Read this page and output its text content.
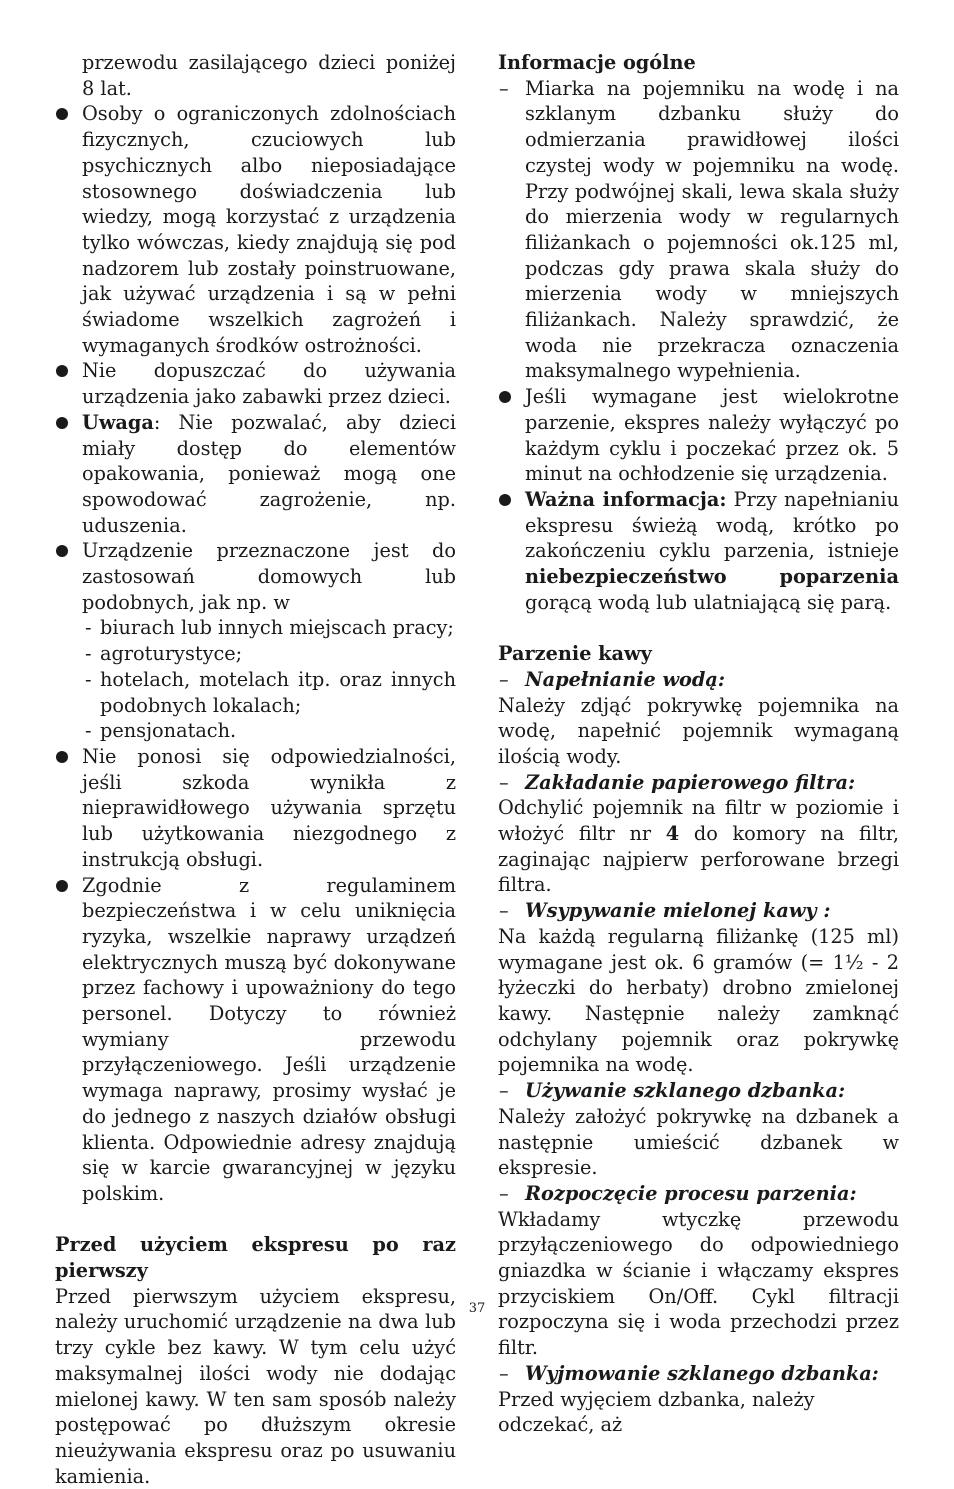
przewodu zasilającego dzieci poniżej 8 lat.

Osoby o ograniczonych zdolnościach fizycznych, czuciowych lub psychicznych albo nieposiadające stosownego doświadczenia lub wiedzy, mogą korzystać z urządzenia tylko wówczas, kiedy znajdują się pod nadzorem lub zostały poinstruowane, jak używać urządzenia i są w pełni świadome wszelkich zagrożeń i wymaganych środków ostrożności.
Nie dopuszczać do używania urządzenia jako zabawki przez dzieci.
Uwaga: Nie pozwalać, aby dzieci miały dostęp do elementów opakowania, ponieważ mogą one spowodować zagrożenie, np. uduszenia.
Urządzenie przeznaczone jest do zastosowań domowych lub podobnych, jak np. w
- biurach lub innych miejscach pracy;
- agroturystyce;
- hotelach, motelach itp. oraz innych podobnych lokalach;
- pensjonatach.
Nie ponosi się odpowiedzialności, jeśli szkoda wynikła z nieprawidłowego używania sprzętu lub użytkowania niezgodnego z instrukcją obsługi.
Zgodnie z regulaminem bezpieczeństwa i w celu uniknięcia ryzyka, wszelkie naprawy urządzeń elektrycznych muszą być dokonywane przez fachowy i upoważniony do tego personel. Dotyczy to również wymiany przewodu przyłączeniowego. Jeśli urządzenie wymaga naprawy, prosimy wysłać je do jednego z naszych działów obsługi klienta. Odpowiednie adresy znajdują się w karcie gwarancyjnej w języku polskim.

Przed użyciem ekspresu po raz pierwszy

Przed pierwszym użyciem ekspresu, należy uruchomić urządzenie na dwa lub trzy cykle bez kawy. W tym celu użyć maksymalnej ilości wody nie dodając mielonej kawy. W ten sam sposób należy postępować po dłuższym okresie nieużywania ekspresu oraz po usuwaniu kamienia.

Informacje ogólne

– Miarka na pojemniku na wodę i na szklanym dzbanku służy do odmierzania prawidłowej ilości czystej wody w pojemniku na wodę. Przy podwójnej skali, lewa skala służy do mierzenia wody w regularnych filiżankach o pojemności ok.125 ml, podczas gdy prawa skala służy do mierzenia wody w mniejszych filiżankach. Należy sprawdzić, że woda nie przekracza oznaczenia maksymalnego wypełnienia.
Jeśli wymagane jest wielokrotne parzenie, ekspres należy wyłączyć po każdym cyklu i poczekać przez ok. 5 minut na ochłodzenie się urządzenia.
Ważna informacja: Przy napełnianiu ekspresu świeżą wodą, krótko po zakończeniu cyklu parzenia, istnieje niebezpieczeństwo poparzenia gorącą wodą lub ulatniającą się parą.

Parzenie kawy

– Napełnianie wodą:

Należy zdjąć pokrywkę pojemnika na wodę, napełnić pojemnik wymaganą ilością wody.

– Zakładanie papierowego filtra:

Odchylić pojemnik na filtr w poziomie i włożyć filtr nr 4 do komory na filtr, zaginając najpierw perforowane brzegi filtra.

– Wsypywanie mielonej kawy :

Na każdą regularną filiżankę (125 ml) wymagane jest ok. 6 gramów (= 1½ - 2 łyżeczki do herbaty) drobno zmielonej kawy. Następnie należy zamknąć odchylany pojemnik oraz pokrywkę pojemnika na wodę.

– Używanie szklanego dzbanka:

Należy założyć pokrywkę na dzbanek a następnie umieścić dzbanek w ekspresie.

– Rozpoczęcie procesu parzenia:

Wkładamy wtyczkę przewodu przyłączeniowego do odpowiedniego gniazdka w ścianie i włączamy ekspres przyciskiem On/Off. Cykl filtracji rozpoczyna się i woda przechodzi przez filtr.

– Wyjmowanie szklanego dzbanka:

Przed wyjęciem dzbanka, należy odczekać, aż

37
